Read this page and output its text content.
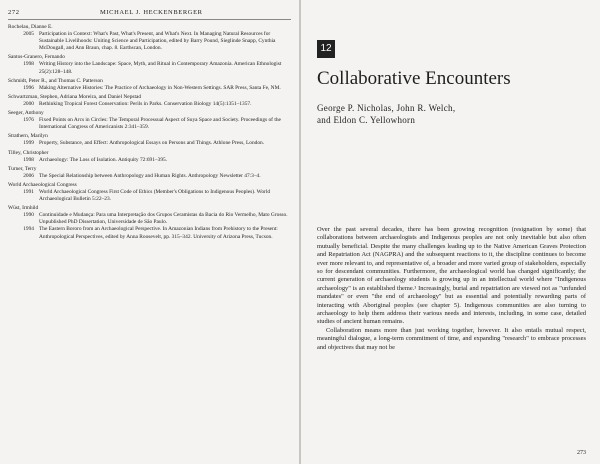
272	MICHAEL J. HECKENBERGER
Rochelau, Dianne E.
2005 Participation in Context: What's Past, What's Present, and What's Next. In Managing Natural Resources for Sustainable Livelihoods: Uniting Science and Participation, edited by Barry Pound, Sieglinde Snapp, Cynthia McDougall, and Ann Braun, chap. 8. Earthscan, London.
Santos-Granero, Fernando
1998 Writing History into the Landscape: Space, Myth, and Ritual in Contemporary Amazonia. American Ethnologist 25(2):128–148.
Schmidt, Peter R., and Thomas C. Patterson
1996 Making Alternative Histories: The Practice of Archaeology in Non-Western Settings. SAR Press, Santa Fe, NM.
Schwartzman, Stephen, Adriana Moreira, and Daniel Nepstad
2000 Rethinking Tropical Forest Conservation: Perils in Parks. Conservation Biology 14(5):1351–1357.
Seeger, Anthony
1976 Fixed Points on Arcs in Circles: The Temporal Processual Aspect of Suya Space and Society. Proceedings of the International Congress of Americanists 2:341–359.
Strathern, Marilyn
1999 Property, Substance, and Effect: Anthropological Essays on Persons and Things. Athlone Press, London.
Tilley, Christopher
1998 Archaeology: The Loss of Isolation. Antiquity 72:691–395.
Turner, Terry
2006 The Special Relationship between Anthropology and Human Rights. Anthropology Newsletter 47:3–4.
World Archaeological Congress
1991 World Archaeological Congress First Code of Ethics (Member's Obligations to Indigenous Peoples). World Archaeological Bulletin 5:22–23.
Wüst, Irmhild
1990 Continuidade e Mudança: Para uma Interpretação dos Grupos Ceramistas da Bacia do Rio Vermelho, Mato Grosso. Unpublished PhD Dissertation, Universidade de São Paulo.
1994 The Eastern Bororo from an Archaeological Perspective. In Amazonian Indians from Prehistory to the Present: Anthropological Perspectives, edited by Anna Roosevelt, pp. 315–342. University of Arizona Press, Tucson.
12
Collaborative Encounters
George P. Nicholas, John R. Welch,
and Eldon C. Yellowhorn

Over the past several decades, there has been growing recognition (resignation by some) that collaborations between archaeologists and Indigenous peoples are not only inevitable but also often mutually beneficial. Despite the many challenges leading up to the Native American Graves Protection and Repatriation Act (NAGPRA) and the subsequent reactions to it, the discipline continues to become ever more relevant to, and representative of, a broader and more varied group of stakeholders, especially so for descendant communities. Furthermore, the archaeological world has changed significantly; the current generation of archaeology students is growing up in an intellectual world where "Indigenous archaeology" is an established theme.¹ Increasingly, burial and repatriation are viewed not as "unfunded mandates" or even "the end of archaeology" but as essential and potentially rewarding parts of interacting with Aboriginal peoples (see chapter 5). Indigenous communities are also turning to archaeology to help them address their various needs and interests, including, in some case, detailed studies of ancient human remains.

Collaboration means more than just working together, however. It also entails mutual respect, meaningful dialogue, a long-term commitment of time, and expanding "research" to embrace processes and objectives that may not be

273
